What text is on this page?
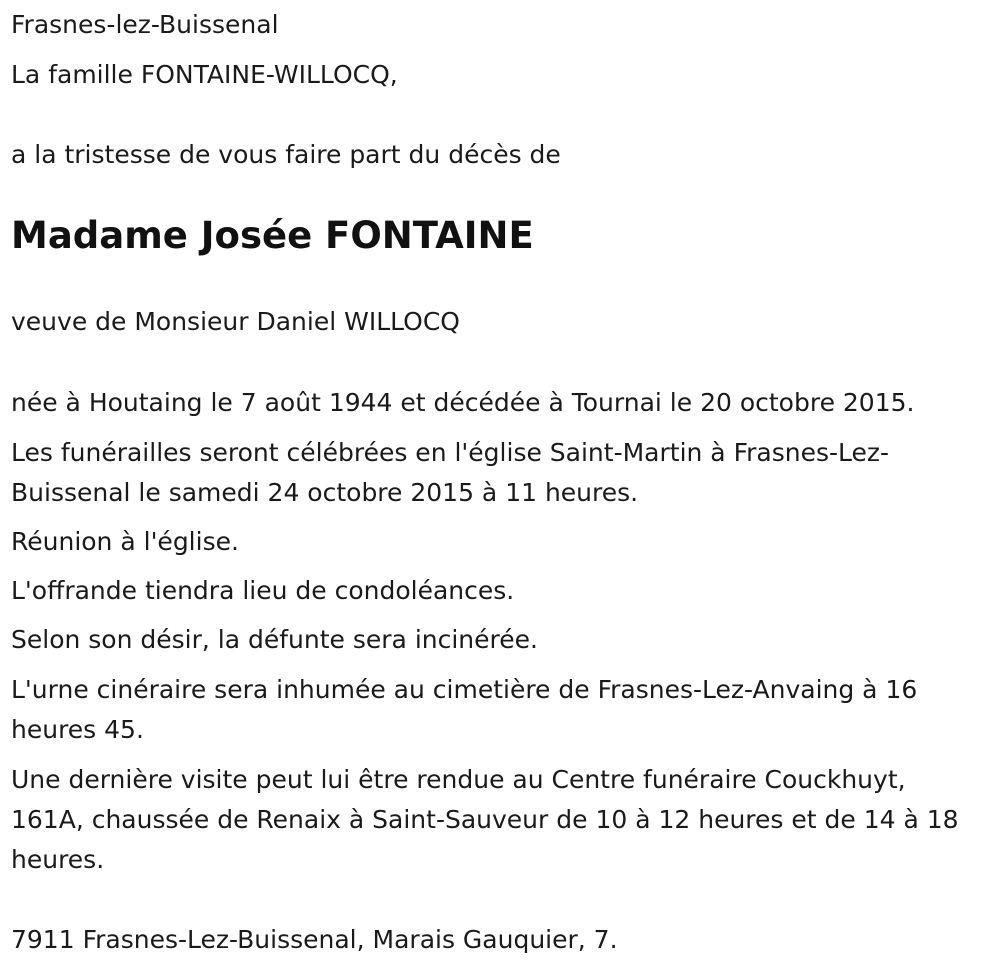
Frasnes-lez-Buissenal

La famille FONTAINE-WILLOCQ,

a la tristesse de vous faire part du décès de

Madame Josée FONTAINE

veuve de Monsieur Daniel WILLOCQ

née à Houtaing le 7 août 1944 et décédée à Tournai le 20 octobre 2015.

Les funérailles seront célébrées en l'église Saint-Martin à Frasnes-Lez-Buissenal le samedi 24 octobre 2015 à 11 heures.

Réunion à l'église.

L'offrande tiendra lieu de condoléances.

Selon son désir, la défunte sera incinérée.

L'urne cinéraire sera inhumée au cimetière de Frasnes-Lez-Anvaing à 16 heures 45.

Une dernière visite peut lui être rendue au Centre funéraire Couckhuyt, 161A, chaussée de Renaix à Saint-Sauveur de 10 à 12 heures et de 14 à 18 heures.

7911 Frasnes-Lez-Buissenal, Marais Gauquier, 7.
